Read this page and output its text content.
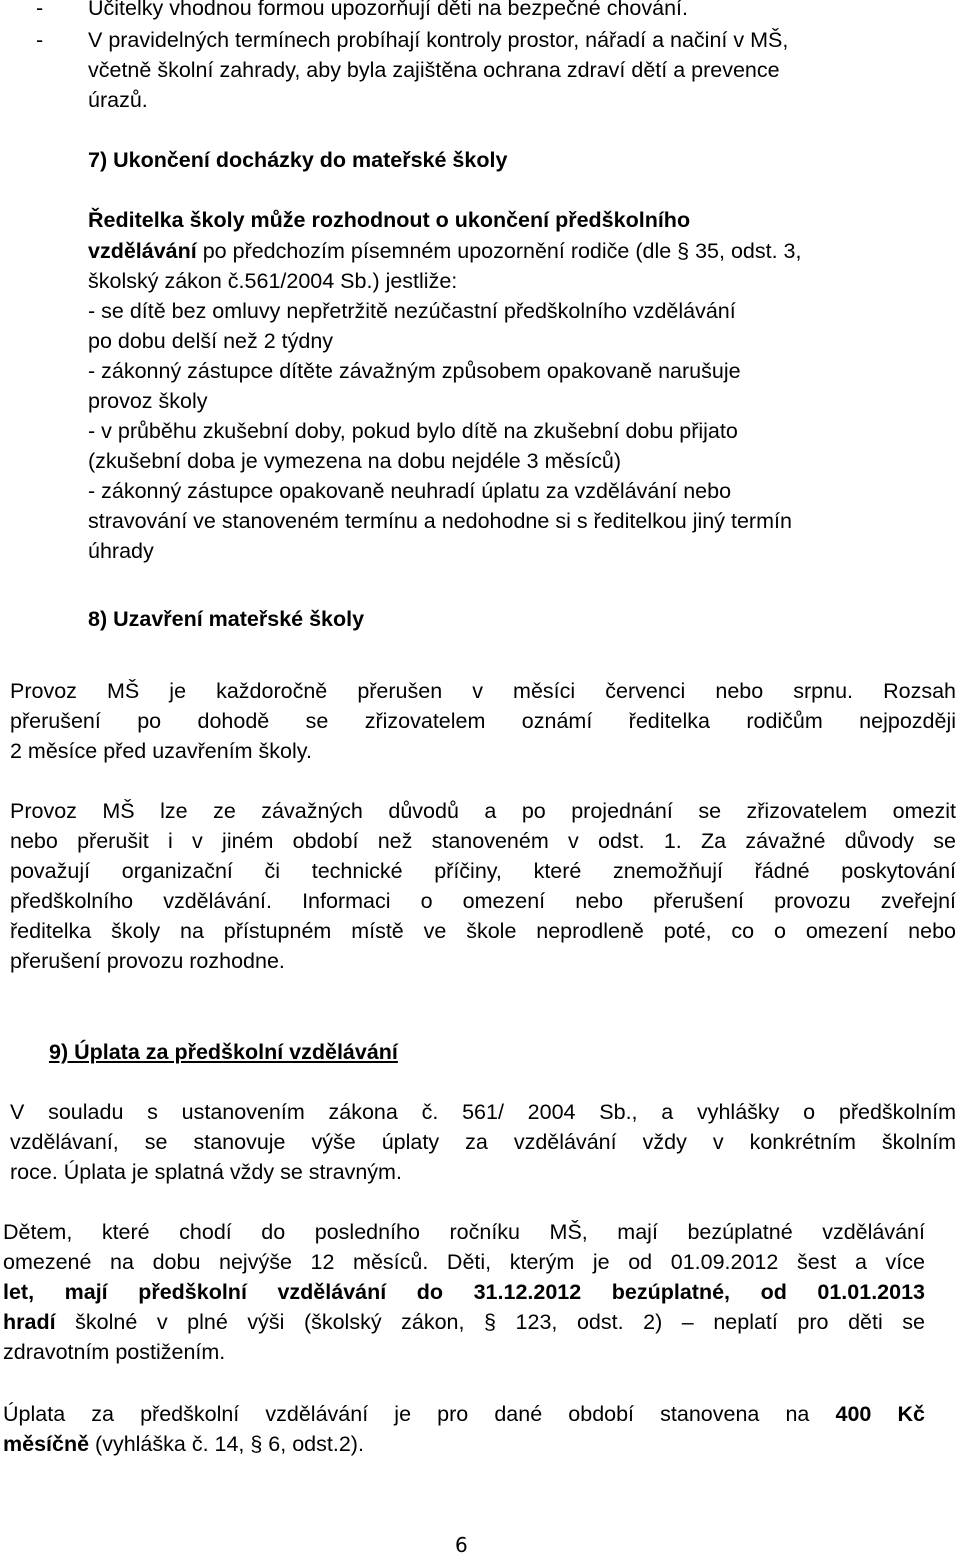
- Učitelky vhodnou formou upozorňují děti na bezpečné chování.
- V pravidelných termínech probíhají kontroly prostor, nářadí a načiní v MŠ,
včetně školní zahrady, aby byla zajištěna ochrana zdraví dětí a prevence
úrazů.
7) Ukončení docházky do mateřské školy
Ředitelka školy může rozhodnout o ukončení předškolního
vzdělávání po předchozím písemném upozornění rodiče (dle § 35, odst. 3,
školský zákon č.561/2004 Sb.) jestliže:
- se dítě bez omluvy nepřetržitě nezúčastní předškolního vzdělávání
po dobu delší než 2 týdny
- zákonný zástupce dítěte závažným způsobem opakovaně narušuje
provoz školy
- v průběhu zkušební doby, pokud bylo dítě na zkušební dobu přijato
(zkušební doba je vymezena na dobu nejdéle 3 měsíců)
- zákonný zástupce opakovaně neuhradí úplatu za vzdělávání nebo
stravování ve stanoveném termínu a nedohodne si s ředitelkou jiný termín
úhrady
8) Uzavření mateřské školy
Provoz MŠ je každoročně přerušen v měsíci červenci nebo srpnu. Rozsah
přerušení po dohodě se zřizovatelem oznámí ředitelka rodičům nejpozději
2 měsíce před uzavřením školy.
Provoz MŠ lze ze závažných důvodů a po projednání se zřizovatelem omezit
nebo přerušit i v jiném období než stanoveném v odst. 1. Za závažné důvody se
považují organizační či technické příčiny, které znemožňují řádné poskytování
předškolního vzdělávání. Informaci o omezení nebo přerušení provozu zveřejní
ředitelka školy na přístupném místě ve škole neprodleně poté, co o omezení nebo
přerušení provozu rozhodne.
9) Úplata za předškolní vzdělávání
V souladu s ustanovením zákona č. 561/ 2004 Sb., a vyhlášky o předškolním
vzdělávaní, se stanovuje výše úplaty za vzdělávání vždy v konkrétním školním
roce. Úplata je splatná vždy se stravným.
Dětem, které chodí do posledního ročníku MŠ, mají bezúplatné vzdělávání
omezené na dobu nejvýše 12 měsíců. Děti, kterým je od 01.09.2012 šest a více
let, mají předškolní vzdělávání do 31.12.2012 bezúplatné, od 01.01.2013
hradí školné v plné výši (školský zákon, § 123, odst. 2) – neplatí pro děti se
zdravotním postižením.
Úplata za předškolní vzdělávání je pro dané období stanovena na 400 Kč
měsíčně (vyhláška č. 14, § 6, odst.2).
6
